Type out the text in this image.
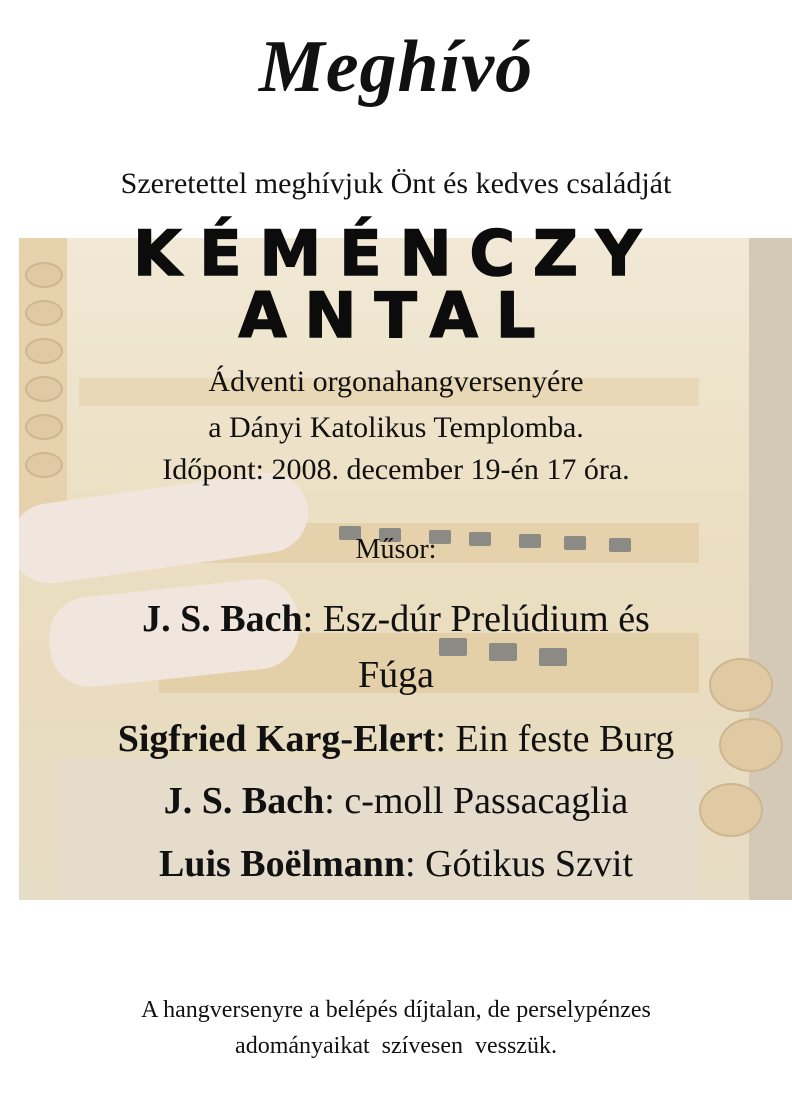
Meghívó
Szeretettel meghívjuk Önt és kedves családját
KÉMÉNCZY
ANTAL
Ádventi orgonahangversenyére
a Dányi Katolikus Templomba.
Időpont: 2008. december 19-én 17 óra.
Műsor:
J. S. Bach: Esz-dúr Prelúdium és
Fúga
Sigfried Karg-Elert: Ein feste Burg
J. S. Bach: c-moll Passacaglia
Luis Boëlmann: Gótikus Szvit
A hangversenyre a belépés díjtalan, de perselypénzes
adományaikat szívesen vesszük.
